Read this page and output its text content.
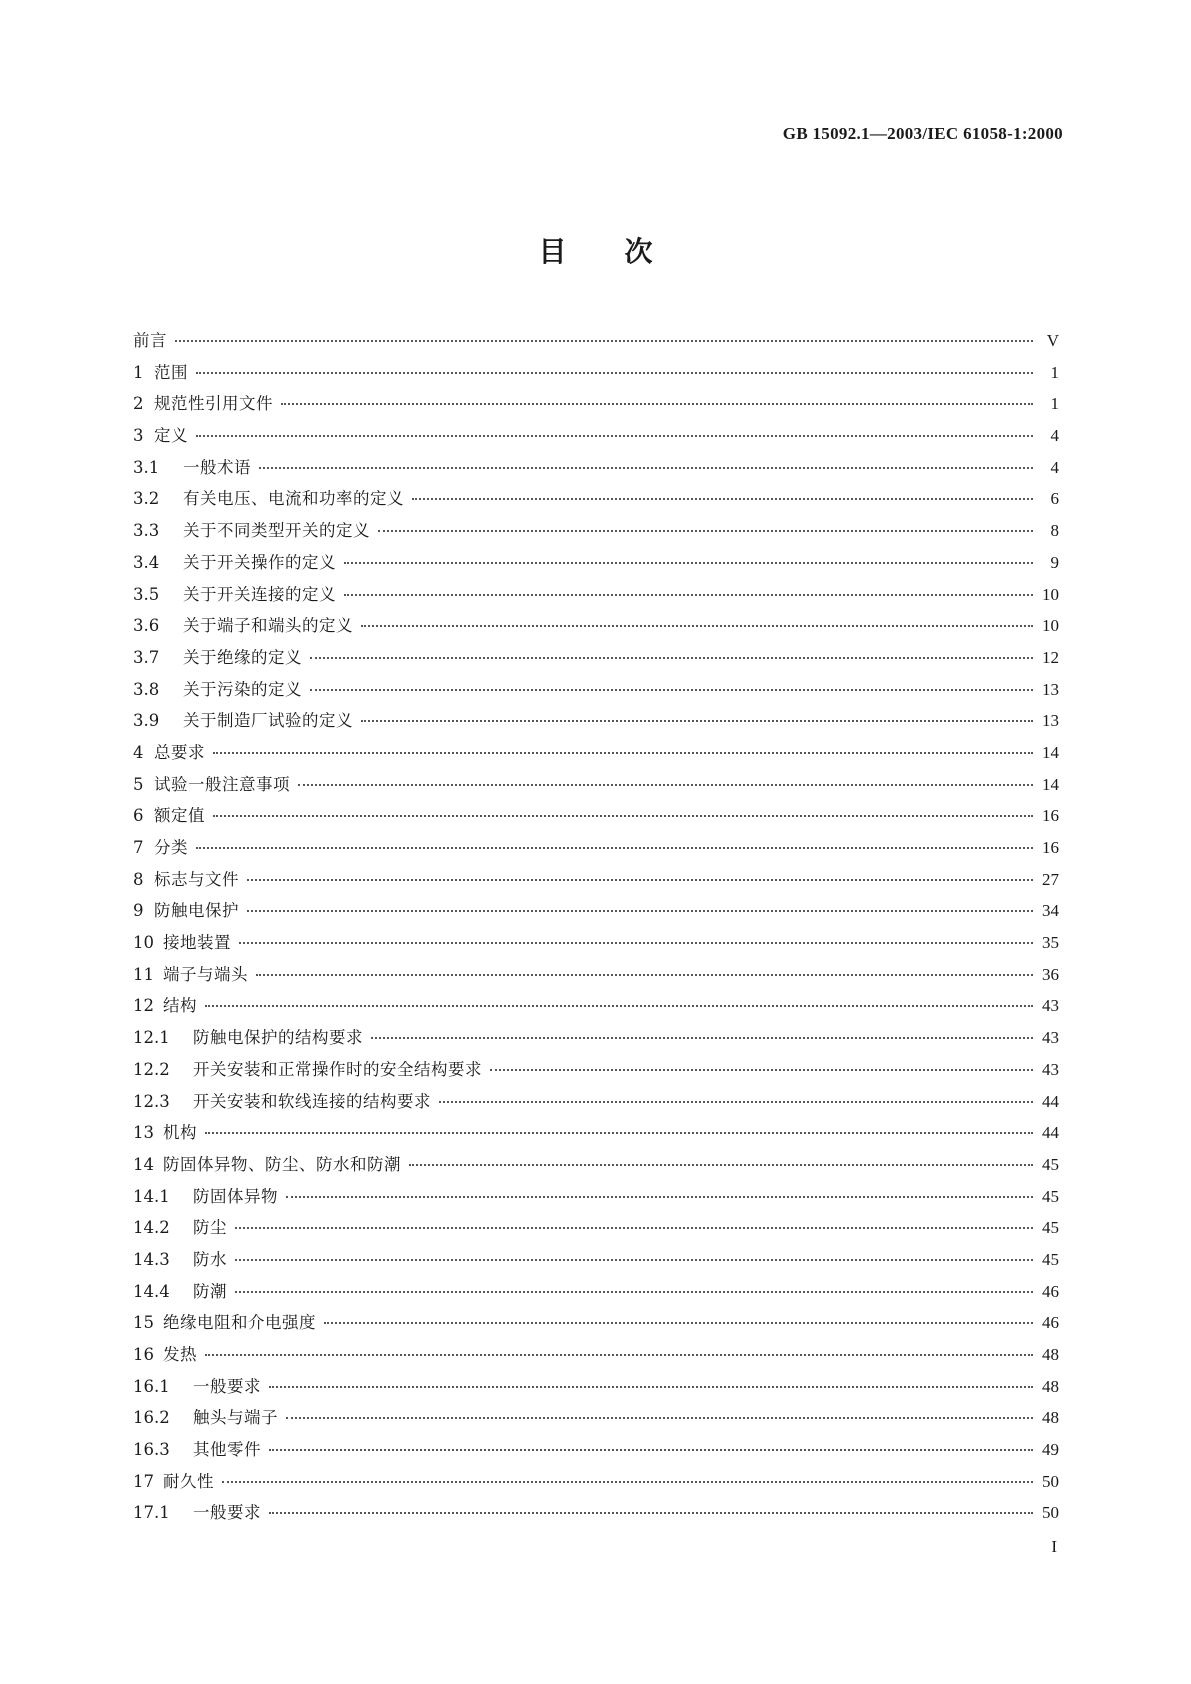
GB 15092.1—2003/IEC 61058-1:2000
目次
前言	V
1 范围	1
2 规范性引用文件	1
3 定义	4
3.1	一般术语	4
3.2	有关电压、电流和功率的定义	6
3.3	关于不同类型开关的定义	8
3.4	关于开关操作的定义	9
3.5	关于开关连接的定义	10
3.6	关于端子和端头的定义	10
3.7	关于绝缘的定义	12
3.8	关于污染的定义	13
3.9	关于制造厂试验的定义	13
4 总要求	14
5 试验一般注意事项	14
6 额定值	16
7 分类	16
8 标志与文件	27
9 防触电保护	34
10 接地装置	35
11 端子与端头	36
12 结构	43
12.1	防触电保护的结构要求	43
12.2	开关安装和正常操作时的安全结构要求	43
12.3	开关安装和软线连接的结构要求	44
13 机构	44
14 防固体异物、防尘、防水和防潮	45
14.1	防固体异物	45
14.2	防尘	45
14.3	防水	45
14.4	防潮	46
15 绝缘电阻和介电强度	46
16 发热	48
16.1	一般要求	48
16.2	触头与端子	48
16.3	其他零件	49
17 耐久性	50
17.1	一般要求	50
I
